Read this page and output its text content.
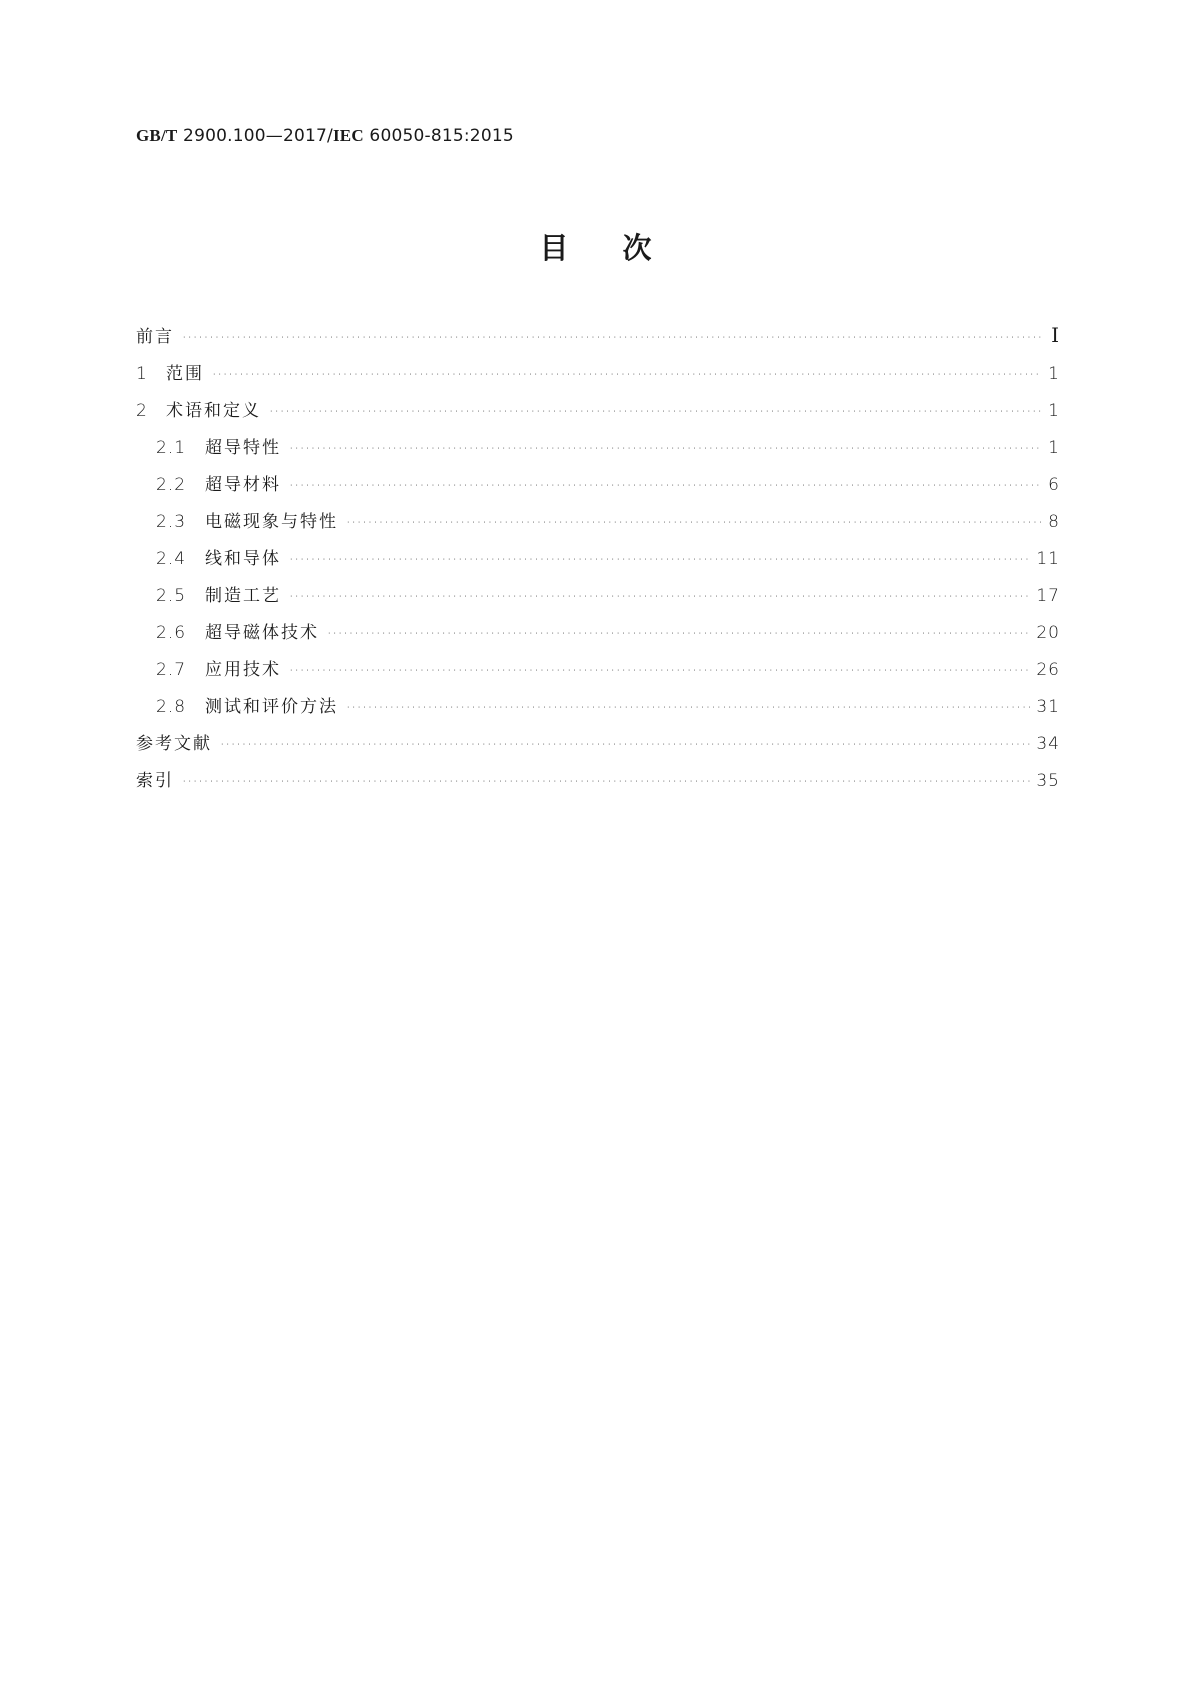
GB/T 2900.100—2017/IEC 60050-815:2015
目次
前言 ·····	Ⅰ
1	范围 ·····	1
2	术语和定义 ·····	1
2.1	超导特性 ·····	1
2.2	超导材料 ·····	6
2.3	电磁现象与特性 ·····	8
2.4	线和导体 ·····	11
2.5	制造工艺 ·····	17
2.6	超导磁体技术 ·····	20
2.7	应用技术 ·····	26
2.8	测试和评价方法 ·····	31
参考文献 ·····	34
索引 ·····	35
